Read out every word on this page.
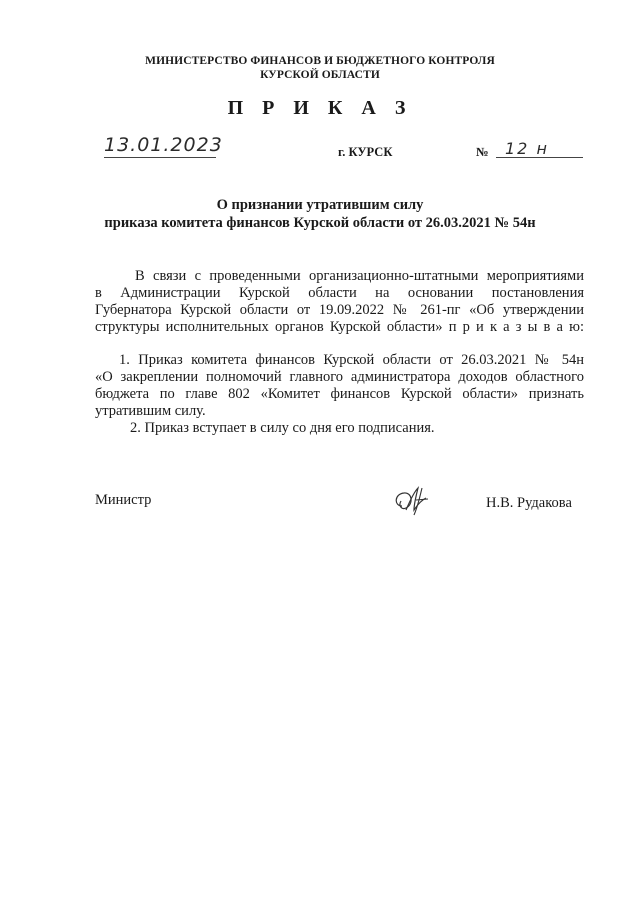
МИНИСТЕРСТВО ФИНАНСОВ И БЮДЖЕТНОГО КОНТРОЛЯ
КУРСКОЙ ОБЛАСТИ
П Р И К А З
13.01.2023	г. КУРСК	№ 12 н
О признании утратившим силу
приказа комитета финансов Курской области от 26.03.2021 № 54н
В связи с проведенными организационно-штатными мероприятиями
в Администрации Курской области на основании постановления
Губернатора Курской области от 19.09.2022 № 261-пг «Об утверждении
структуры исполнительных органов Курской области» п р и к а з ы в а ю:
1. Приказ комитета финансов Курской области от 26.03.2021 № 54н
«О закреплении полномочий главного администратора доходов областного
бюджета по главе 802 «Комитет финансов Курской области» признать
утратившим силу.
2. Приказ вступает в силу со дня его подписания.
Министр	Н.В. Рудакова
